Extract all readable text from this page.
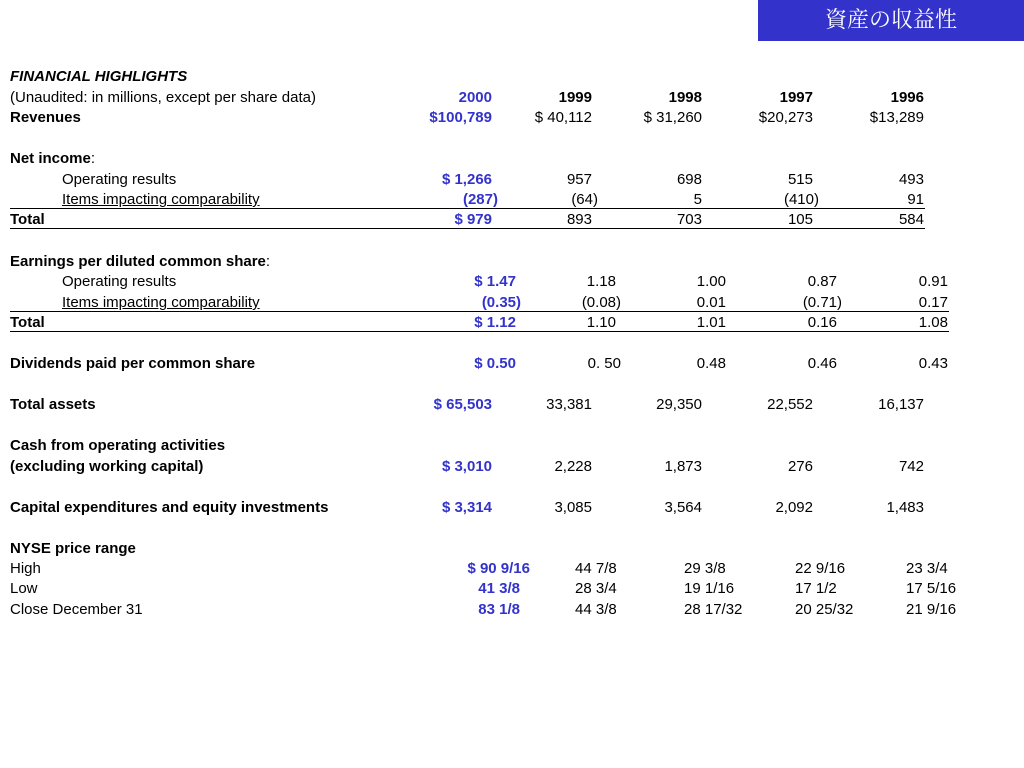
資産の収益性
FINANCIAL HIGHLIGHTS
(Unaudited: in millions, except per share data)	2000	1999	1998	1997	1996
Revenues	$100,789	$ 40,112	$ 31,260	$20,273	$13,289
Net income:
Operating results	$ 1,266	957	698	515	493
Items impacting comparability	(287)	(64)	5	(410)	91
Total	$ 979	893	703	105	584
Earnings per diluted common share:
Operating results	$ 1.47	1.18	1.00	0.87	0.91
Items impacting comparability	(0.35)	(0.08)	0.01	(0.71)	0.17
Total	$ 1.12	1.10	1.01	0.16	1.08
Dividends paid per common share	$ 0.50	0. 50	0.48	0.46	0.43
Total assets	$ 65,503	33,381	29,350	22,552	16,137
Cash from operating activities
(excluding working capital)	$ 3,010	2,228	1,873	276	742
Capital expenditures and equity investments	$ 3,314	3,085	3,564	2,092	1,483
NYSE price range
High	$ 90 9/16	44 7/8	29 3/8	22 9/16	23 3/4
Low	41 3/8	28 3/4	19 1/16	17 1/2	17 5/16
Close December 31	83 1/8	44 3/8	28 17/32	20 25/32	21 9/16
